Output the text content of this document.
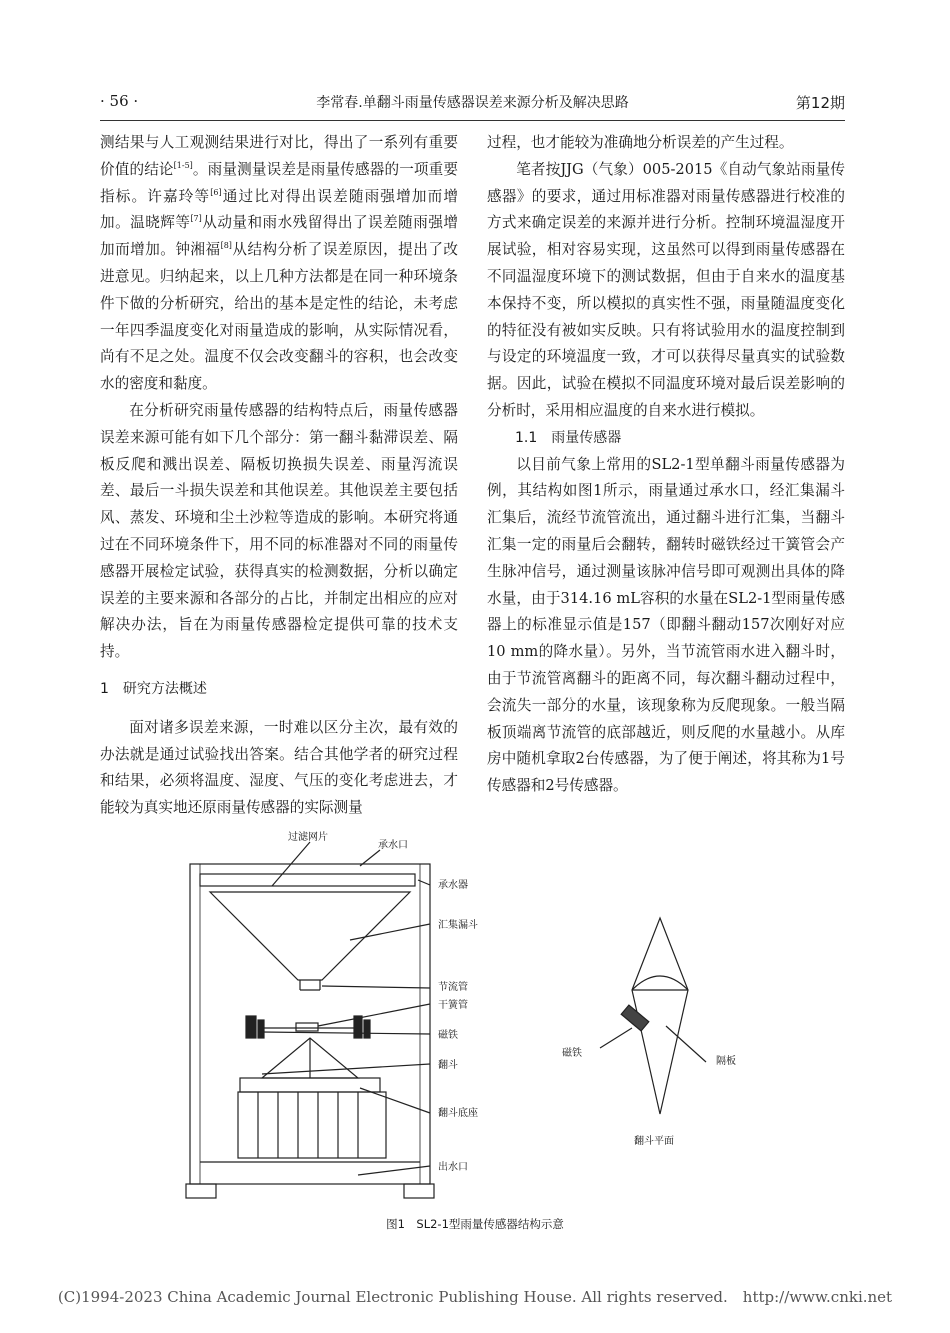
· 56 ·	李常春.单翻斗雨量传感器误差来源分析及解决思路	第12期

测结果与人工观测结果进行对比，得出了一系列有重要价值的结论[1-5]。雨量测量误差是雨量传感器的一项重要指标。许嘉玲等[6]通过比对得出误差随雨强增加而增加。温晓辉等[7]从动量和雨水残留得出了误差随雨强增加而增加。钟湘福[8]从结构分析了误差原因，提出了改进意见。归纳起来，以上几种方法都是在同一种环境条件下做的分析研究，给出的基本是定性的结论，未考虑一年四季温度变化对雨量造成的影响，从实际情况看，尚有不足之处。温度不仅会改变翻斗的容积，也会改变水的密度和黏度。

在分析研究雨量传感器的结构特点后，雨量传感器误差来源可能有如下几个部分：第一翻斗黏滞误差、隔板反爬和溅出误差、隔板切换损失误差、雨量泻流误差、最后一斗损失误差和其他误差。其他误差主要包括风、蒸发、环境和尘土沙粒等造成的影响。本研究将通过在不同环境条件下，用不同的标准器对不同的雨量传感器开展检定试验，获得真实的检测数据，分析以确定误差的主要来源和各部分的占比，并制定出相应的应对解决办法，旨在为雨量传感器检定提供可靠的技术支持。

1　研究方法概述

面对诸多误差来源，一时难以区分主次，最有效的办法就是通过试验找出答案。结合其他学者的研究过程和结果，必须将温度、湿度、气压的变化考虑进去，才能较为真实地还原雨量传感器的实际测量

过程，也才能较为准确地分析误差的产生过程。

笔者按JJG（气象）005-2015《自动气象站雨量传感器》的要求，通过用标准器对雨量传感器进行校准的方式来确定误差的来源并进行分析。控制环境温湿度开展试验，相对容易实现，这虽然可以得到雨量传感器在不同温湿度环境下的测试数据，但由于自来水的温度基本保持不变，所以模拟的真实性不强，雨量随温度变化的特征没有被如实反映。只有将试验用水的温度控制到与设定的环境温度一致，才可以获得尽量真实的试验数据。因此，试验在模拟不同温度环境对最后误差影响的分析时，采用相应温度的自来水进行模拟。

1.1　雨量传感器

以目前气象上常用的SL2-1型单翻斗雨量传感器为例，其结构如图1所示，雨量通过承水口，经汇集漏斗汇集后，流经节流管流出，通过翻斗进行汇集，当翻斗汇集一定的雨量后会翻转，翻转时磁铁经过干簧管会产生脉冲信号，通过测量该脉冲信号即可观测出具体的降水量，由于314.16 mL容积的水量在SL2-1型雨量传感器上的标准显示值是157（即翻斗翻动157次刚好对应10 mm的降水量）。另外，当节流管雨水进入翻斗时，由于节流管离翻斗的距离不同，每次翻斗翻动过程中，会流失一部分的水量，该现象称为反爬现象。一般当隔板顶端离节流管的底部越近，则反爬的水量越小。从库房中随机拿取2台传感器，为了便于阐述，将其称为1号传感器和2号传感器。

过滤网片
承水口
承水器
汇集漏斗
节流管
干簧管
磁铁
翻斗
翻斗底座
出水口
磁铁
隔板
翻斗平面
图1　SL2-1型雨量传感器结构示意
(C)1994-2023 China Academic Journal Electronic Publishing House. All rights reserved.　http://www.cnki.net
